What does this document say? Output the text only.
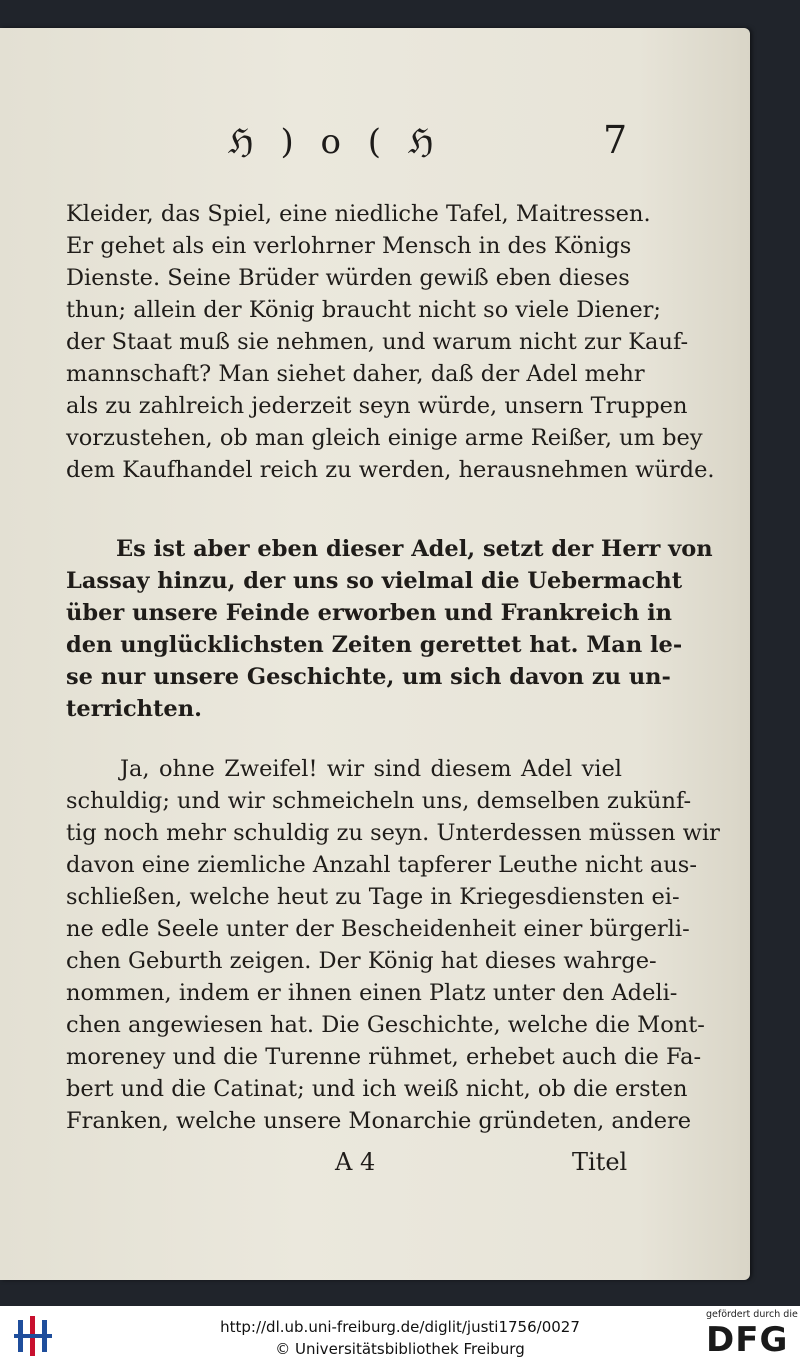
ℌ ) o ( ℌ	7

Kleider, das Spiel, eine niedliche Tafel, Maitressen.
Er gehet als ein verlohrner Mensch in des Königs
Dienste. Seine Brüder würden gewiß eben dieses
thun; allein der König braucht nicht so viele Diener;
der Staat muß sie nehmen, und warum nicht zur Kauf-
mannschaft? Man siehet daher, daß der Adel mehr
als zu zahlreich jederzeit seyn würde, unsern Truppen
vorzustehen, ob man gleich einige arme Reißer, um bey
dem Kaufhandel reich zu werden, herausnehmen würde.

Es ist aber eben dieser Adel, setzt der Herr von
Lassay hinzu, der uns so vielmal die Uebermacht
über unsere Feinde erworben und Frankreich in
den unglücklichsten Zeiten gerettet hat. Man le-
se nur unsere Geschichte, um sich davon zu un-
terrichten.

Ja, ohne Zweifel! wir sind diesem Adel viel
schuldig; und wir schmeicheln uns, demselben zukünf-
tig noch mehr schuldig zu seyn. Unterdessen müssen wir
davon eine ziemliche Anzahl tapferer Leuthe nicht aus-
schließen, welche heut zu Tage in Kriegesdiensten ei-
ne edle Seele unter der Bescheidenheit einer bürgerli-
chen Geburth zeigen. Der König hat dieses wahrge-
nommen, indem er ihnen einen Platz unter den Adeli-
chen angewiesen hat. Die Geschichte, welche die Mont-
moreney und die Turenne rühmet, erhebet auch die Fa-
bert und die Catinat; und ich weiß nicht, ob die ersten
Franken, welche unsere Monarchie gründeten, andere

A 4	Titel
http://dl.ub.uni-freiburg.de/diglit/justi1756/0027
© Universitätsbibliothek Freiburg
gefördert durch die
DFG
